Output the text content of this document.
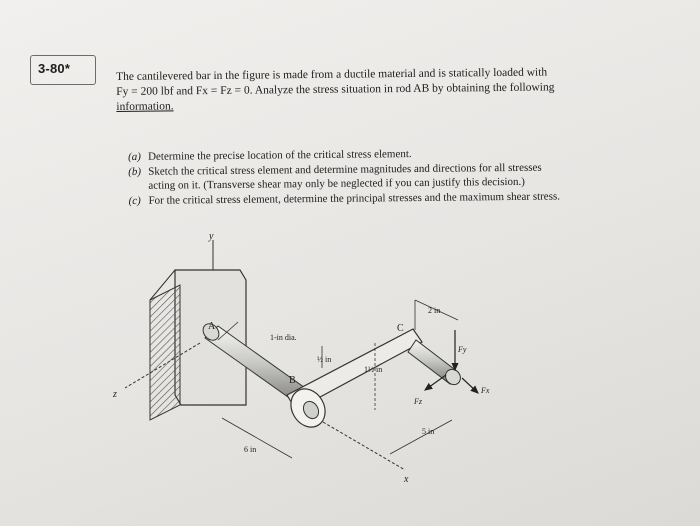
3-80*	The cantilevered bar in the figure is made from a ductile material and is statically loaded with
Fy = 200 lbf and Fx = Fz = 0. Analyze the stress situation in rod AB by obtaining the following
information.
(a) Determine the precise location of the critical stress element.
(b) Sketch the critical stress element and determine magnitudes and directions for all stresses
acting on it. (Transverse shear may only be neglected if you can justify this decision.)
(c) For the critical stress element, determine the principal stresses and the maximum shear stress.
y
z
x
A
B
C
1-in dia.
½ in
1½ in
2 in
5 in
6 in
Fy
Fz
Fx
